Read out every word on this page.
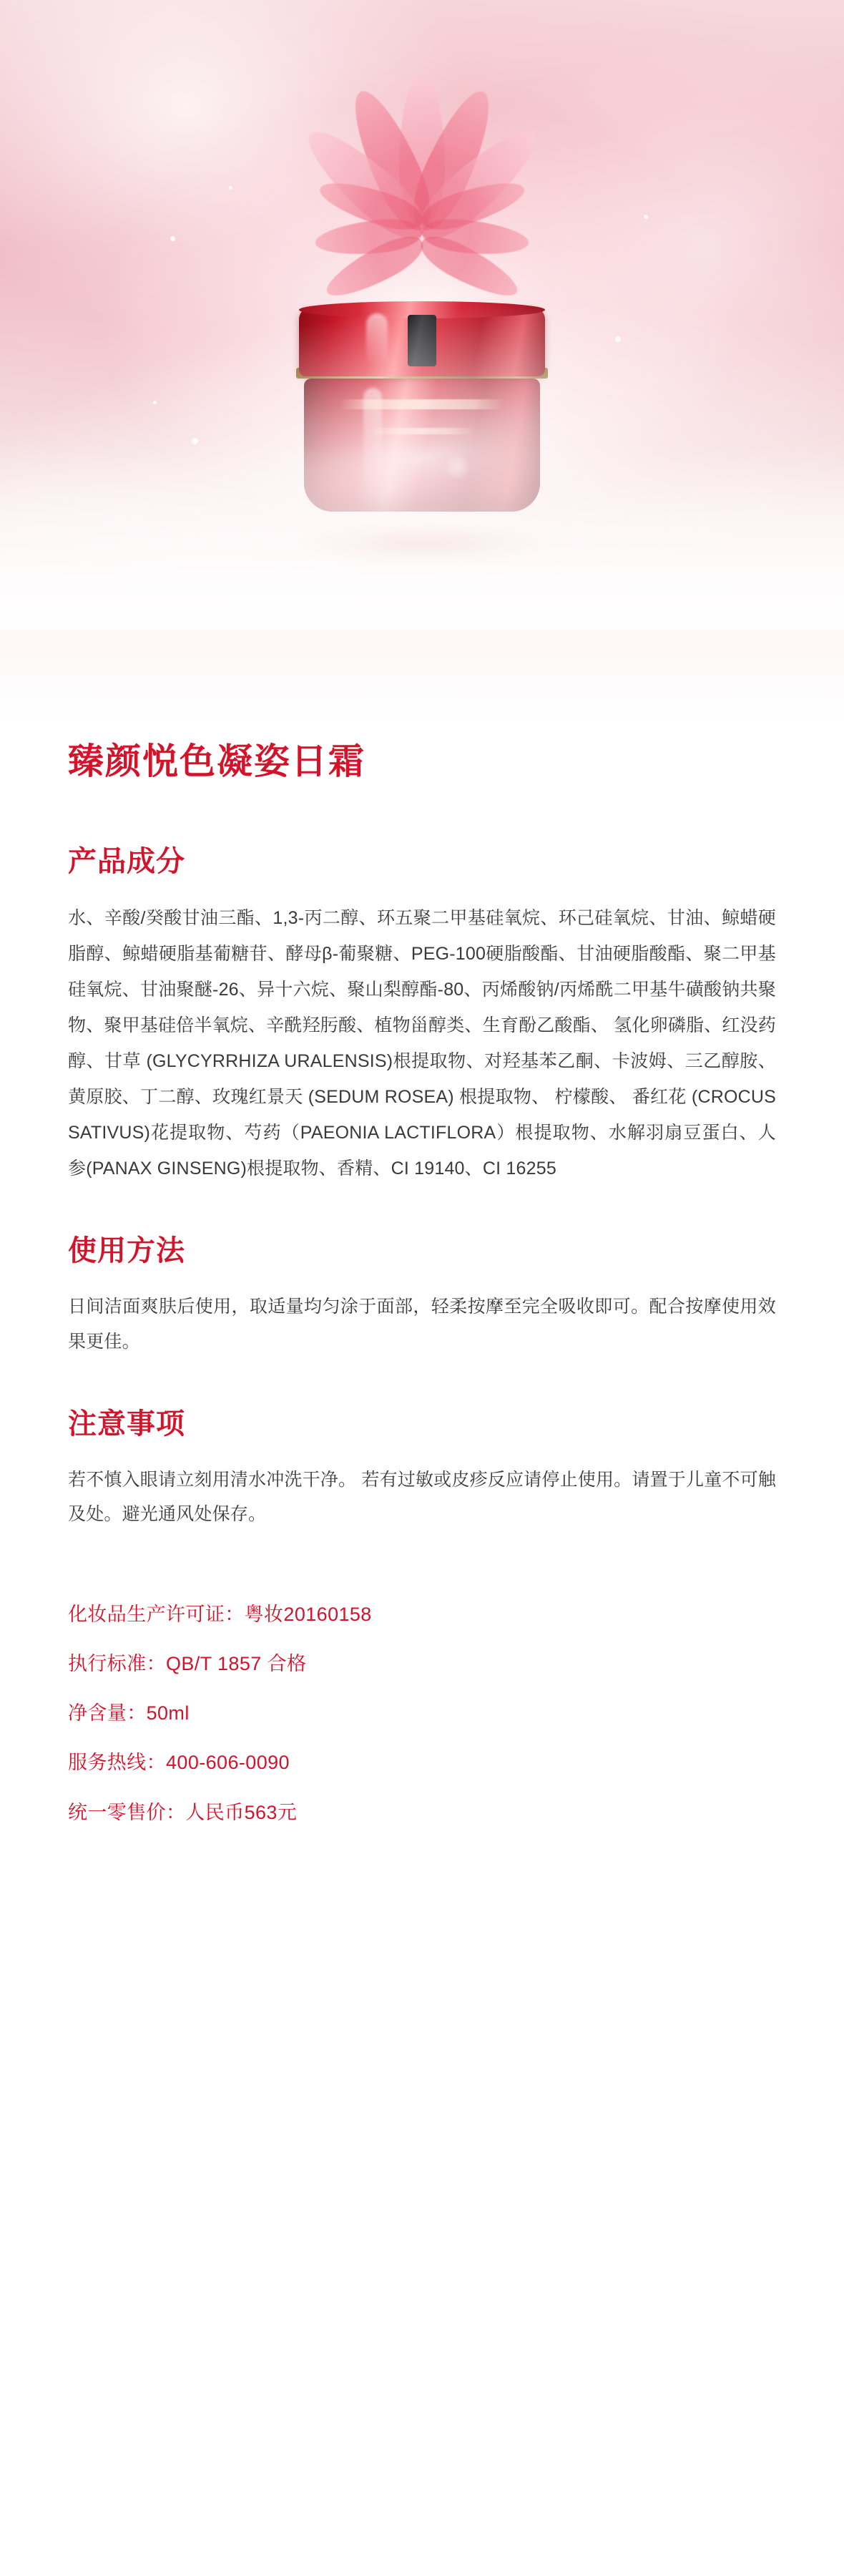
臻颜悦色凝姿日霜
产品成分

水、辛酸/癸酸甘油三酯、1,3-丙二醇、环五聚二甲基硅氧烷、环己硅氧烷、甘油、鲸蜡硬脂醇、鲸蜡硬脂基葡糖苷、酵母β-葡聚糖、PEG-100硬脂酸酯、甘油硬脂酸酯、聚二甲基硅氧烷、甘油聚醚-26、异十六烷、聚山梨醇酯-80、丙烯酸钠/丙烯酰二甲基牛磺酸钠共聚物、聚甲基硅倍半氧烷、辛酰羟肟酸、植物甾醇类、生育酚乙酸酯、 氢化卵磷脂、红没药醇、甘草 (GLYCYRRHIZA URALENSIS)根提取物、对羟基苯乙酮、卡波姆、三乙醇胺、黄原胶、丁二醇、玫瑰红景天 (SEDUM ROSEA) 根提取物、 柠檬酸、 番红花 (CROCUS SATIVUS)花提取物、芍药（PAEONIA LACTIFLORA）根提取物、水解羽扇豆蛋白、人参(PANAX GINSENG)根提取物、香精、CI 19140、CI 16255

使用方法

日间洁面爽肤后使用，取适量均匀涂于面部，轻柔按摩至完全吸收即可。配合按摩使用效果更佳。

注意事项

若不慎入眼请立刻用清水冲洗干净。 若有过敏或皮疹反应请停止使用。请置于儿童不可触及处。避光通风处保存。

化妆品生产许可证：粤妆20160158
执行标准：QB/T 1857 合格
净含量：50ml
服务热线：400-606-0090
统一零售价：人民币563元
